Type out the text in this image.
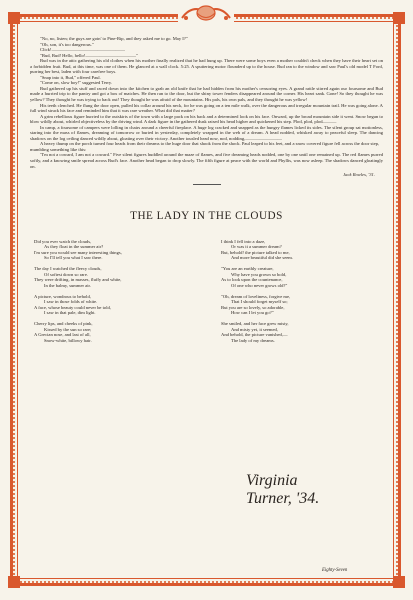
"No, no, listen; the guys are goin' to Pine-Rip, and they asked me to go. May I?"

"Oh, son, it's too dangerous."

Click!————————————————

"Bud, Bud! Hello, hello!———————————"

Bud was in the attic gathering his old clothes when his mother finally realized that he had hung up. There were some boys even a mother couldn't check when they have their heart set on a forbidden fruit. Bud, at this time, was one of them. He glanced at a wall clock. 5:25. A sputtering motor flounderd up to the house. Bud ran to the window and saw Paul's old model T Ford, purring her best, laden with four carefree boys.

"Snap into it, Bud," offered Paul.

"Come on, slow boy!" suggested Terry.

Bud gathered up his stuff and raced down into the kitchen to grab an old knife that he had hidden from his mother's censoring eyes. A grand rattle stirred again our foursome and Bud made a hurried trip to the pantry and got a box of matches. He then ran to the door, but the shiny tower fenders disappeared around the corner. His heart sank. Gone! So they thought he was yellow? They thought he was trying to back out! They thought he was afraid of the mountains. His pals, his own pals, and they thought he was yellow!

His teeth clenched. He flung the door open, pulled his collar around his neck, for he was going on a ten mile walk, over the dangerous and irregular mountain trail. He was going alone. A full wind struck his face and reminded him that it was rare weather. What did that matter?

A grim rebellious figure hurried to the outskirts of the town with a large pack on his back and a determined look on his face. Onward, up the broad mountain side it went. Snow began to blow wildly about, whirled objectiveless by the driving wind. A dark figure in the gathered dusk raised his head higher and quickened his step. Plod, plod, plod———

In camp, a foursome of campers were lolling in chairs around a cheerful fireplace. A huge log cracked and snapped as the hungry flames licked its sides. The silent group sat motionless, staring into the mass of flames, dreaming of tomorrow or buried in yesterday, completely wrapped in the web of a dream. A head nodded, whisked away to peaceful sleep. The dancing shadows on the log ceiling danced wildly about, gloating over their victory. Another tousled head now, nod, nodding,————————

A heavy thump on the porch turned four heads from their dreams to the huge door that shook from the shock. Paul leaped to his feet, and a snow covered figure fell across the door step, mumbling something like this:

"I'm not a coward, I am not a coward." Five silent figures huddled around the maze of flames, and five dreaming heads nodded, one by one until one remained up. The red flames purred softly, and a knowing smile spread across Bud's face. Another head began to drop slowly. The fifth figure at peace with the world and Phyllis, was now asleep. The shadows danced gloatingly on.

Jack Rowles, '31.

THE LADY IN THE CLOUDS
Did you ever watch the clouds,
As they float in the summer air?
I'm sure you would see many interesting things,
So I'll tell you what I saw there.
The day I watched the fleecy clouds,
Of softest down so rare.
They were drifting, in masses, fluffy and white,
In the balmy, summer air.
A picture, wondrous to behold,
I saw in those folds of white.
A face, whose beauty could never be told,
I saw in that pale, dim light.
Cherry lips, and cheeks of pink,
Kissed by the sun so rare;
A Grecian nose, and last of all,
Snow-white, billowy hair.
I think I fell into a daze,
Or was it a summer dream?
But, behold! the picture talked to me,
And more beautiful did she seem.
"You are an earthly creature,
Why have you grown so bold,
As to look upon the countenance,
Of one who never grows old?"
"Oh, dream of loveliness, forgive me,
That I should forget myself so;
But you are so lovely, so adorable,
How can I let you go?"
She smiled, and her face grew misty,
And misty yet, it seemed,
And behold, the picture vanished,—
The lady of my dreams.
Virginia Turner, '34.
Eighty-Seven
